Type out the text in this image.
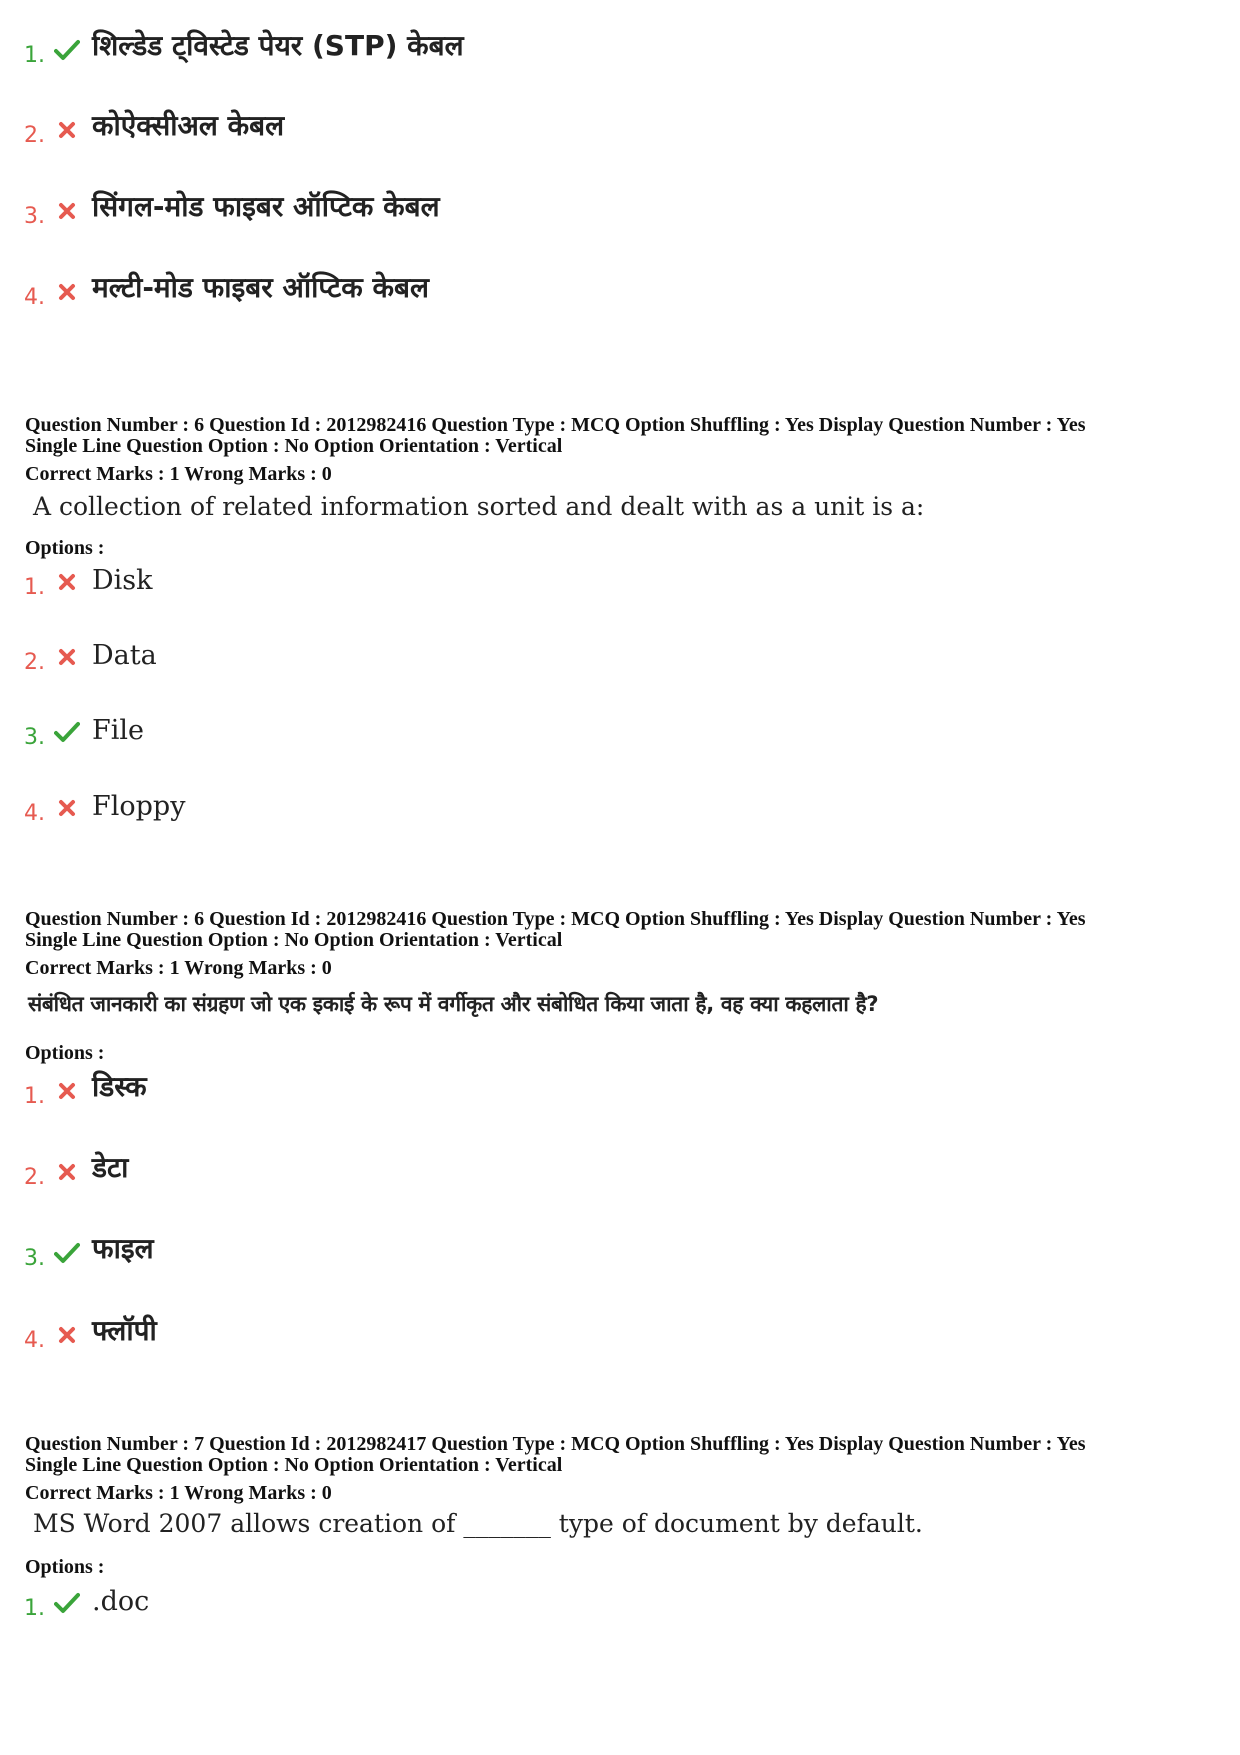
1. शिल्डेड ट्विस्टेड पेयर (STP) केबल
2. कोऐक्सीअल केबल
3. सिंगल-मोड फाइबर ऑप्टिक केबल
4. मल्टी-मोड फाइबर ऑप्टिक केबल
Question Number : 6 Question Id : 2012982416 Question Type : MCQ Option Shuffling : Yes Display Question Number : Yes
Single Line Question Option : No Option Orientation : Vertical
Correct Marks : 1 Wrong Marks : 0
A collection of related information sorted and dealt with as a unit is a:
Options :
1. Disk
2. Data
3. File
4. Floppy
Question Number : 6 Question Id : 2012982416 Question Type : MCQ Option Shuffling : Yes Display Question Number : Yes
Single Line Question Option : No Option Orientation : Vertical
Correct Marks : 1 Wrong Marks : 0
संबंधित जानकारी का संग्रहण जो एक इकाई के रूप में वर्गीकृत और संबोधित किया जाता है, वह क्या कहलाता है?
Options :
1. डिस्क
2. डेटा
3. फाइल
4. फ्लॉपी
Question Number : 7 Question Id : 2012982417 Question Type : MCQ Option Shuffling : Yes Display Question Number : Yes
Single Line Question Option : No Option Orientation : Vertical
Correct Marks : 1 Wrong Marks : 0
MS Word 2007 allows creation of _______ type of document by default.
Options :
1. .doc
